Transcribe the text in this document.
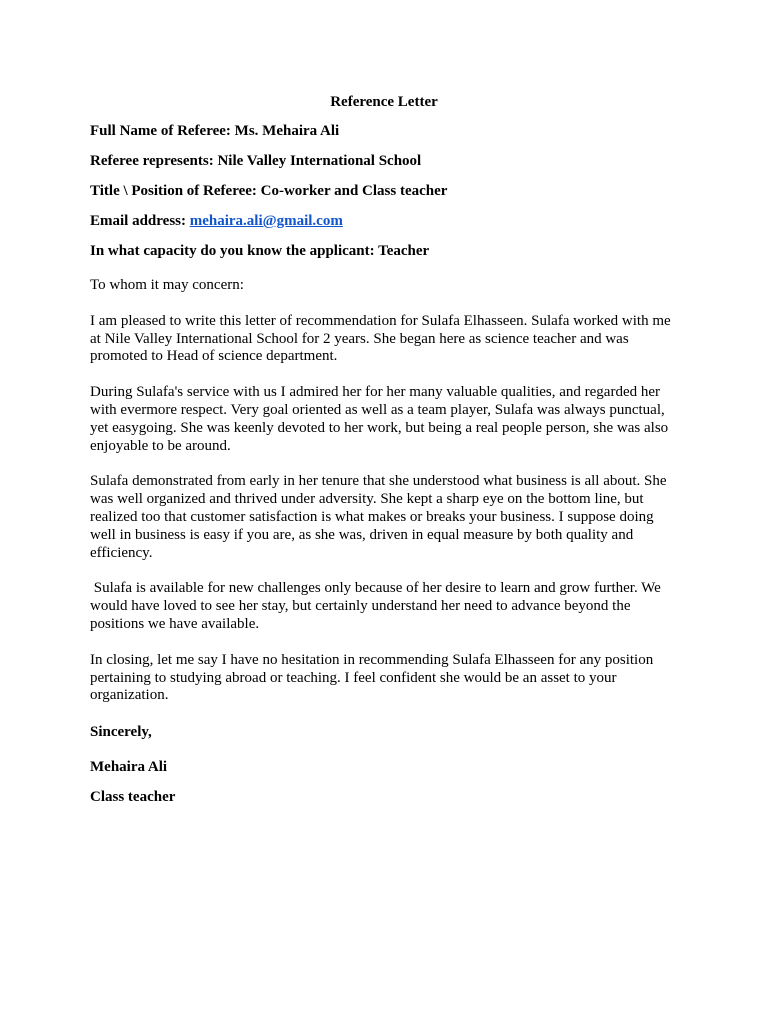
Reference Letter
Full Name of Referee: Ms. Mehaira Ali
Referee represents: Nile Valley International School
Title \ Position of Referee: Co-worker and Class teacher
Email address: mehaira.ali@gmail.com
In what capacity do you know the applicant: Teacher

To whom it may concern:

I am pleased to write this letter of recommendation for Sulafa Elhasseen. Sulafa worked with me at Nile Valley International School for 2 years. She began here as science teacher and was promoted to Head of science department.

During Sulafa's service with us I admired her for her many valuable qualities, and regarded her with evermore respect. Very goal oriented as well as a team player, Sulafa was always punctual, yet easygoing. She was keenly devoted to her work, but being a real people person, she was also enjoyable to be around.

Sulafa demonstrated from early in her tenure that she understood what business is all about. She was well organized and thrived under adversity. She kept a sharp eye on the bottom line, but realized too that customer satisfaction is what makes or breaks your business. I suppose doing well in business is easy if you are, as she was, driven in equal measure by both quality and efficiency.

Sulafa is available for new challenges only because of her desire to learn and grow further. We would have loved to see her stay, but certainly understand her need to advance beyond the positions we have available.

In closing, let me say I have no hesitation in recommending Sulafa Elhasseen for any position pertaining to studying abroad or teaching. I feel confident she would be an asset to your organization.

Sincerely,
Mehaira Ali
Class teacher
